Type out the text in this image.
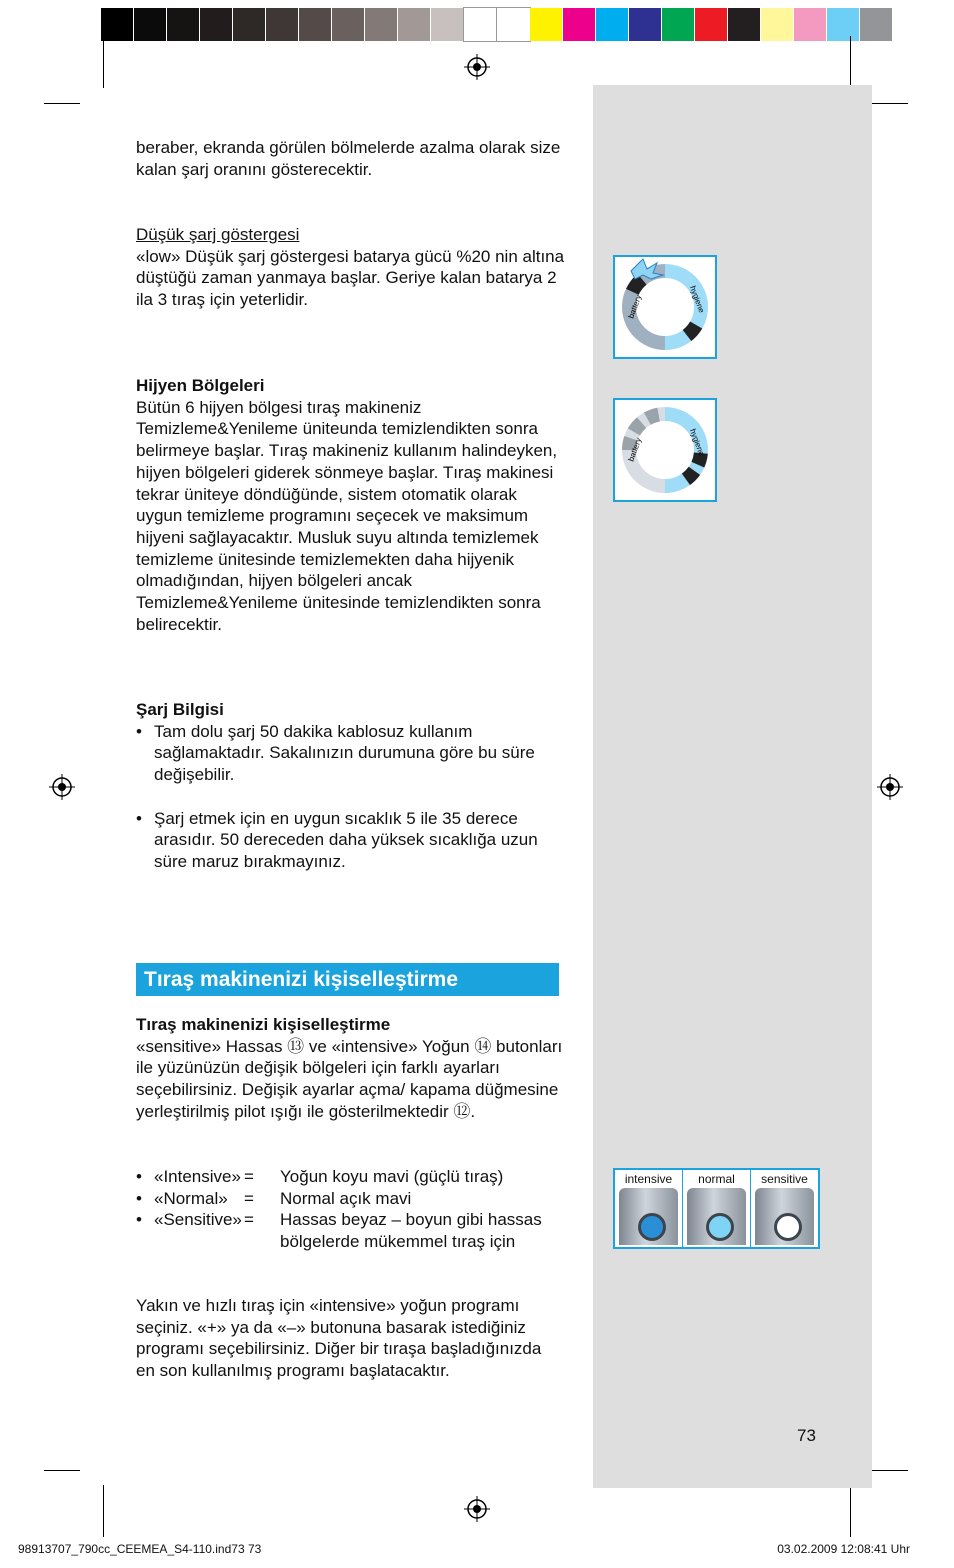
beraber, ekranda görülen bölmelerde azalma olarak size kalan şarj oranını gösterecektir.

Düşük şarj göstergesi

«low» Düşük şarj göstergesi batarya gücü %20 nin altına düştüğü zaman yanmaya başlar. Geriye kalan batarya 2 ila 3 tıraş için yeterlidir.

Hijyen Bölgeleri

Bütün 6 hijyen bölgesi tıraş makineniz Temizleme&Yenileme üniteunda temizlendikten sonra belirmeye başlar. Tıraş makineniz kullanım halindeyken, hijyen bölgeleri giderek sönmeye başlar. Tıraş makinesi tekrar üniteye döndüğünde, sistem otomatik olarak uygun temizleme programını seçecek ve maksimum hijyeni sağlayacaktır. Musluk suyu altında temizlemek temizleme ünitesinde temizlemekten daha hijyenik olmadığından, hijyen bölgeleri ancak Temizleme&Yenileme ünitesinde temizlendikten sonra belirecektir.

Şarj Bilgisi

• Tam dolu şarj 50 dakika kablosuz kullanım sağlamaktadır. Sakalınızın durumuna göre bu süre değişebilir.
• Şarj etmek için en uygun sıcaklık 5 ile 35 derece arasıdır. 50 dereceden daha yüksek sıcaklığa uzun süre maruz bırakmayınız.
Tıraş makinenizi kişiselleştirme

Tıraş makinenizi kişiselleştirme

«sensitive» Hassas ⑬ ve «intensive» Yoğun ⑭ butonları ile yüzünüzün değişik bölgeleri için farklı ayarları seçebilirsiniz. Değişik ayarlar açma/ kapama düğmesine yerleştirilmiş pilot ışığı ile gösterilmektedir ⑫.

• «Intensive» =	Yoğun koyu mavi (güçlü tıraş)
• «Normal» =	Normal açık mavi
• «Sensitive» =	Hassas beyaz – boyun gibi hassas bölgelerde mükemmel tıraş için

Yakın ve hızlı tıraş için «intensive» yoğun programı seçiniz. «+» ya da «–» butonuna basarak istediğiniz programı seçebilirsiniz. Diğer bir tıraşa başladığınızda en son kullanılmış programı başlatacaktır.

battery	hygiene
battery	hygiene
intensive	normal	sensitive
73
98913707_790cc_CEEMEA_S4-110.ind73 73	03.02.2009 12:08:41 Uhr
